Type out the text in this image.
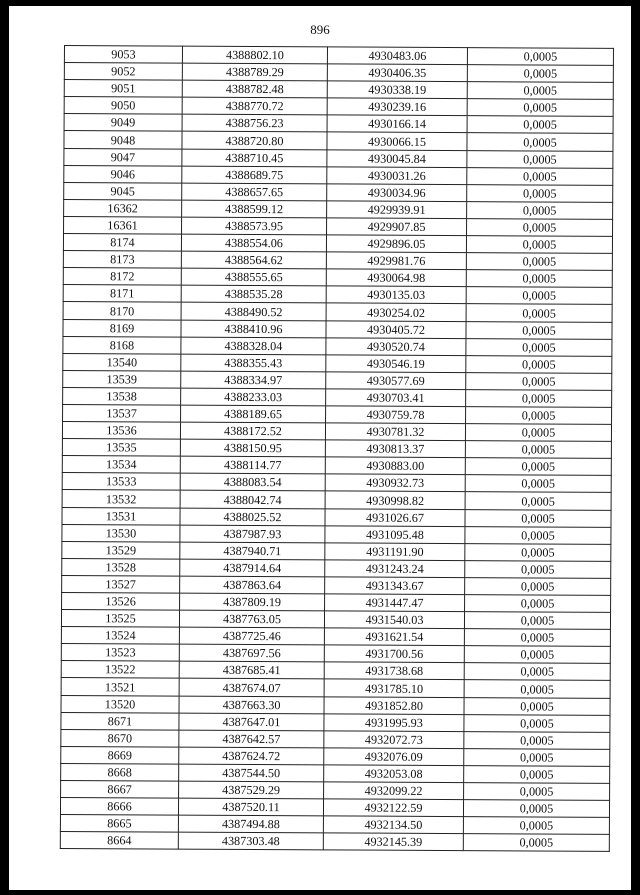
896
9053	4388802.10	4930483.06	0,0005
9052	4388789.29	4930406.35	0,0005
9051	4388782.48	4930338.19	0,0005
9050	4388770.72	4930239.16	0,0005
9049	4388756.23	4930166.14	0,0005
9048	4388720.80	4930066.15	0,0005
9047	4388710.45	4930045.84	0,0005
9046	4388689.75	4930031.26	0,0005
9045	4388657.65	4930034.96	0,0005
16362	4388599.12	4929939.91	0,0005
16361	4388573.95	4929907.85	0,0005
8174	4388554.06	4929896.05	0,0005
8173	4388564.62	4929981.76	0,0005
8172	4388555.65	4930064.98	0,0005
8171	4388535.28	4930135.03	0,0005
8170	4388490.52	4930254.02	0,0005
8169	4388410.96	4930405.72	0,0005
8168	4388328.04	4930520.74	0,0005
13540	4388355.43	4930546.19	0,0005
13539	4388334.97	4930577.69	0,0005
13538	4388233.03	4930703.41	0,0005
13537	4388189.65	4930759.78	0,0005
13536	4388172.52	4930781.32	0,0005
13535	4388150.95	4930813.37	0,0005
13534	4388114.77	4930883.00	0,0005
13533	4388083.54	4930932.73	0,0005
13532	4388042.74	4930998.82	0,0005
13531	4388025.52	4931026.67	0,0005
13530	4387987.93	4931095.48	0,0005
13529	4387940.71	4931191.90	0,0005
13528	4387914.64	4931243.24	0,0005
13527	4387863.64	4931343.67	0,0005
13526	4387809.19	4931447.47	0,0005
13525	4387763.05	4931540.03	0,0005
13524	4387725.46	4931621.54	0,0005
13523	4387697.56	4931700.56	0,0005
13522	4387685.41	4931738.68	0,0005
13521	4387674.07	4931785.10	0,0005
13520	4387663.30	4931852.80	0,0005
8671	4387647.01	4931995.93	0,0005
8670	4387642.57	4932072.73	0,0005
8669	4387624.72	4932076.09	0,0005
8668	4387544.50	4932053.08	0,0005
8667	4387529.29	4932099.22	0,0005
8666	4387520.11	4932122.59	0,0005
8665	4387494.88	4932134.50	0,0005
8664	4387303.48	4932145.39	0,0005
